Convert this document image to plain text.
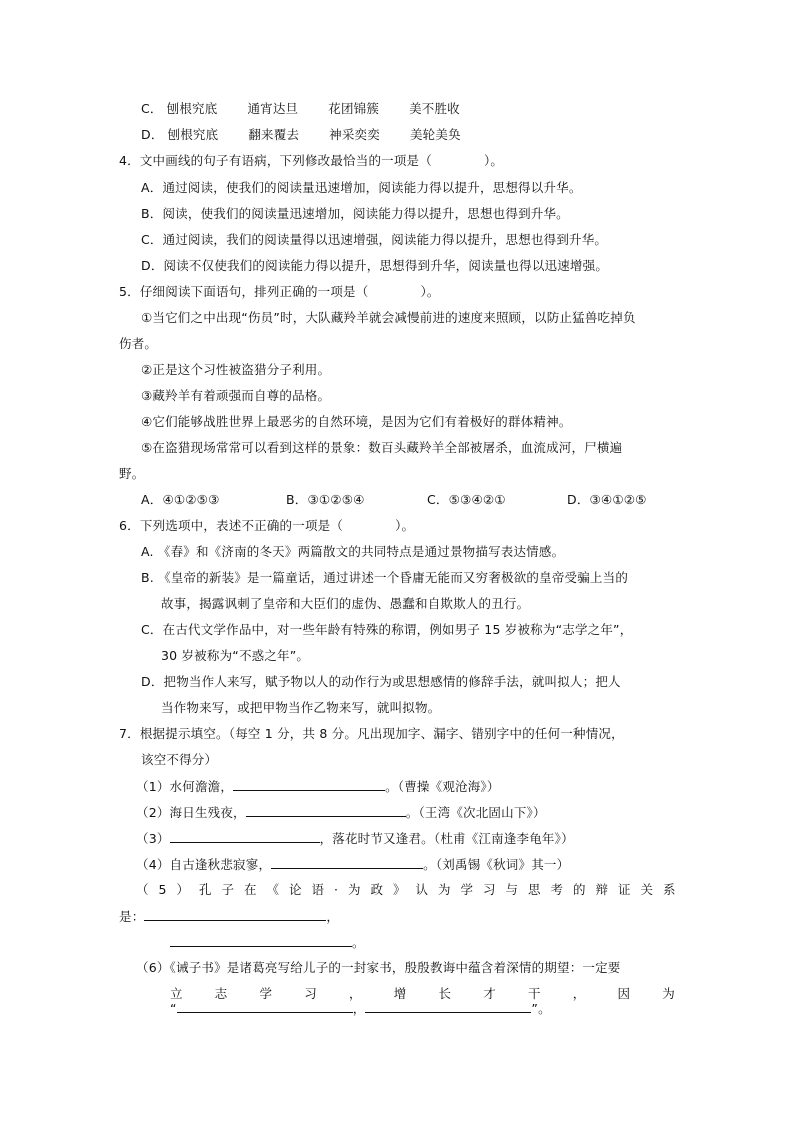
C． 刨根究底 通宵达旦 花团锦簇 美不胜收
D． 刨根究底 翻来覆去 神采奕奕 美轮美奂
4．文中画线的句子有语病，下列修改最恰当的一项是（	）。
A．通过阅读，使我们的阅读量迅速增加，阅读能力得以提升，思想得以升华。
B．阅读，使我们的阅读量迅速增加，阅读能力得以提升，思想也得到升华。
C．通过阅读，我们的阅读量得以迅速增强，阅读能力得以提升，思想也得到升华。
D．阅读不仅使我们的阅读能力得以提升，思想得到升华，阅读量也得以迅速增强。
5．仔细阅读下面语句，排列正确的一项是（	）。
①当它们之中出现“伤员”时，大队藏羚羊就会减慢前进的速度来照顾，以防止猛兽吃掉负
伤者。
②正是这个习性被盗猎分子利用。
③藏羚羊有着顽强而自尊的品格。
④它们能够战胜世界上最恶劣的自然环境，是因为它们有着极好的群体精神。
⑤在盗猎现场常常可以看到这样的景象：数百头藏羚羊全部被屠杀，血流成河，尸横遍
野。
A．④①②⑤③	B．③①②⑤④	C．⑤③④②①	D．③④①②⑤
6．下列选项中，表述不正确的一项是（	）。
A. 《春》和《济南的冬天》两篇散文的共同特点是通过景物描写表达情感。
B. 《皇帝的新装》是一篇童话，通过讲述一个昏庸无能而又穷奢极欲的皇帝受骗上当的
故事，揭露讽刺了皇帝和大臣们的虚伪、愚蠢和自欺欺人的丑行。
C．在古代文学作品中，对一些年龄有特殊的称谓，例如男子 15 岁被称为“志学之年”，
30 岁被称为“不惑之年”。
D．把物当作人来写，赋予物以人的动作行为或思想感情的修辞手法，就叫拟人；把人
当作物来写，或把甲物当作乙物来写，就叫拟物。
7．根据提示填空。（每空 1 分，共 8 分。凡出现加字、漏字、错别字中的任何一种情况，
该空不得分）
（1）水何澹澹，	。（曹操《观沧海》）
（2）海日生残夜，	。（王湾《次北固山下》）
（3）	，落花时节又逢君。（杜甫《江南逢李龟年》）
（4）自古逢秋悲寂寥，	。（刘禹锡《秋词》其一）
（ 5 ） 孔 子 在 《 论 语 · 为 政 》 认 为 学 习 与 思 考 的 辩 证 关 系
是：	，
。
（6）《诫子书》是诸葛亮写给儿子的一封家书，殷殷教诲中蕴含着深情的期望：一定要
立	志	学	习	，	增	长	才	干	，	因	为
“	，	”。
